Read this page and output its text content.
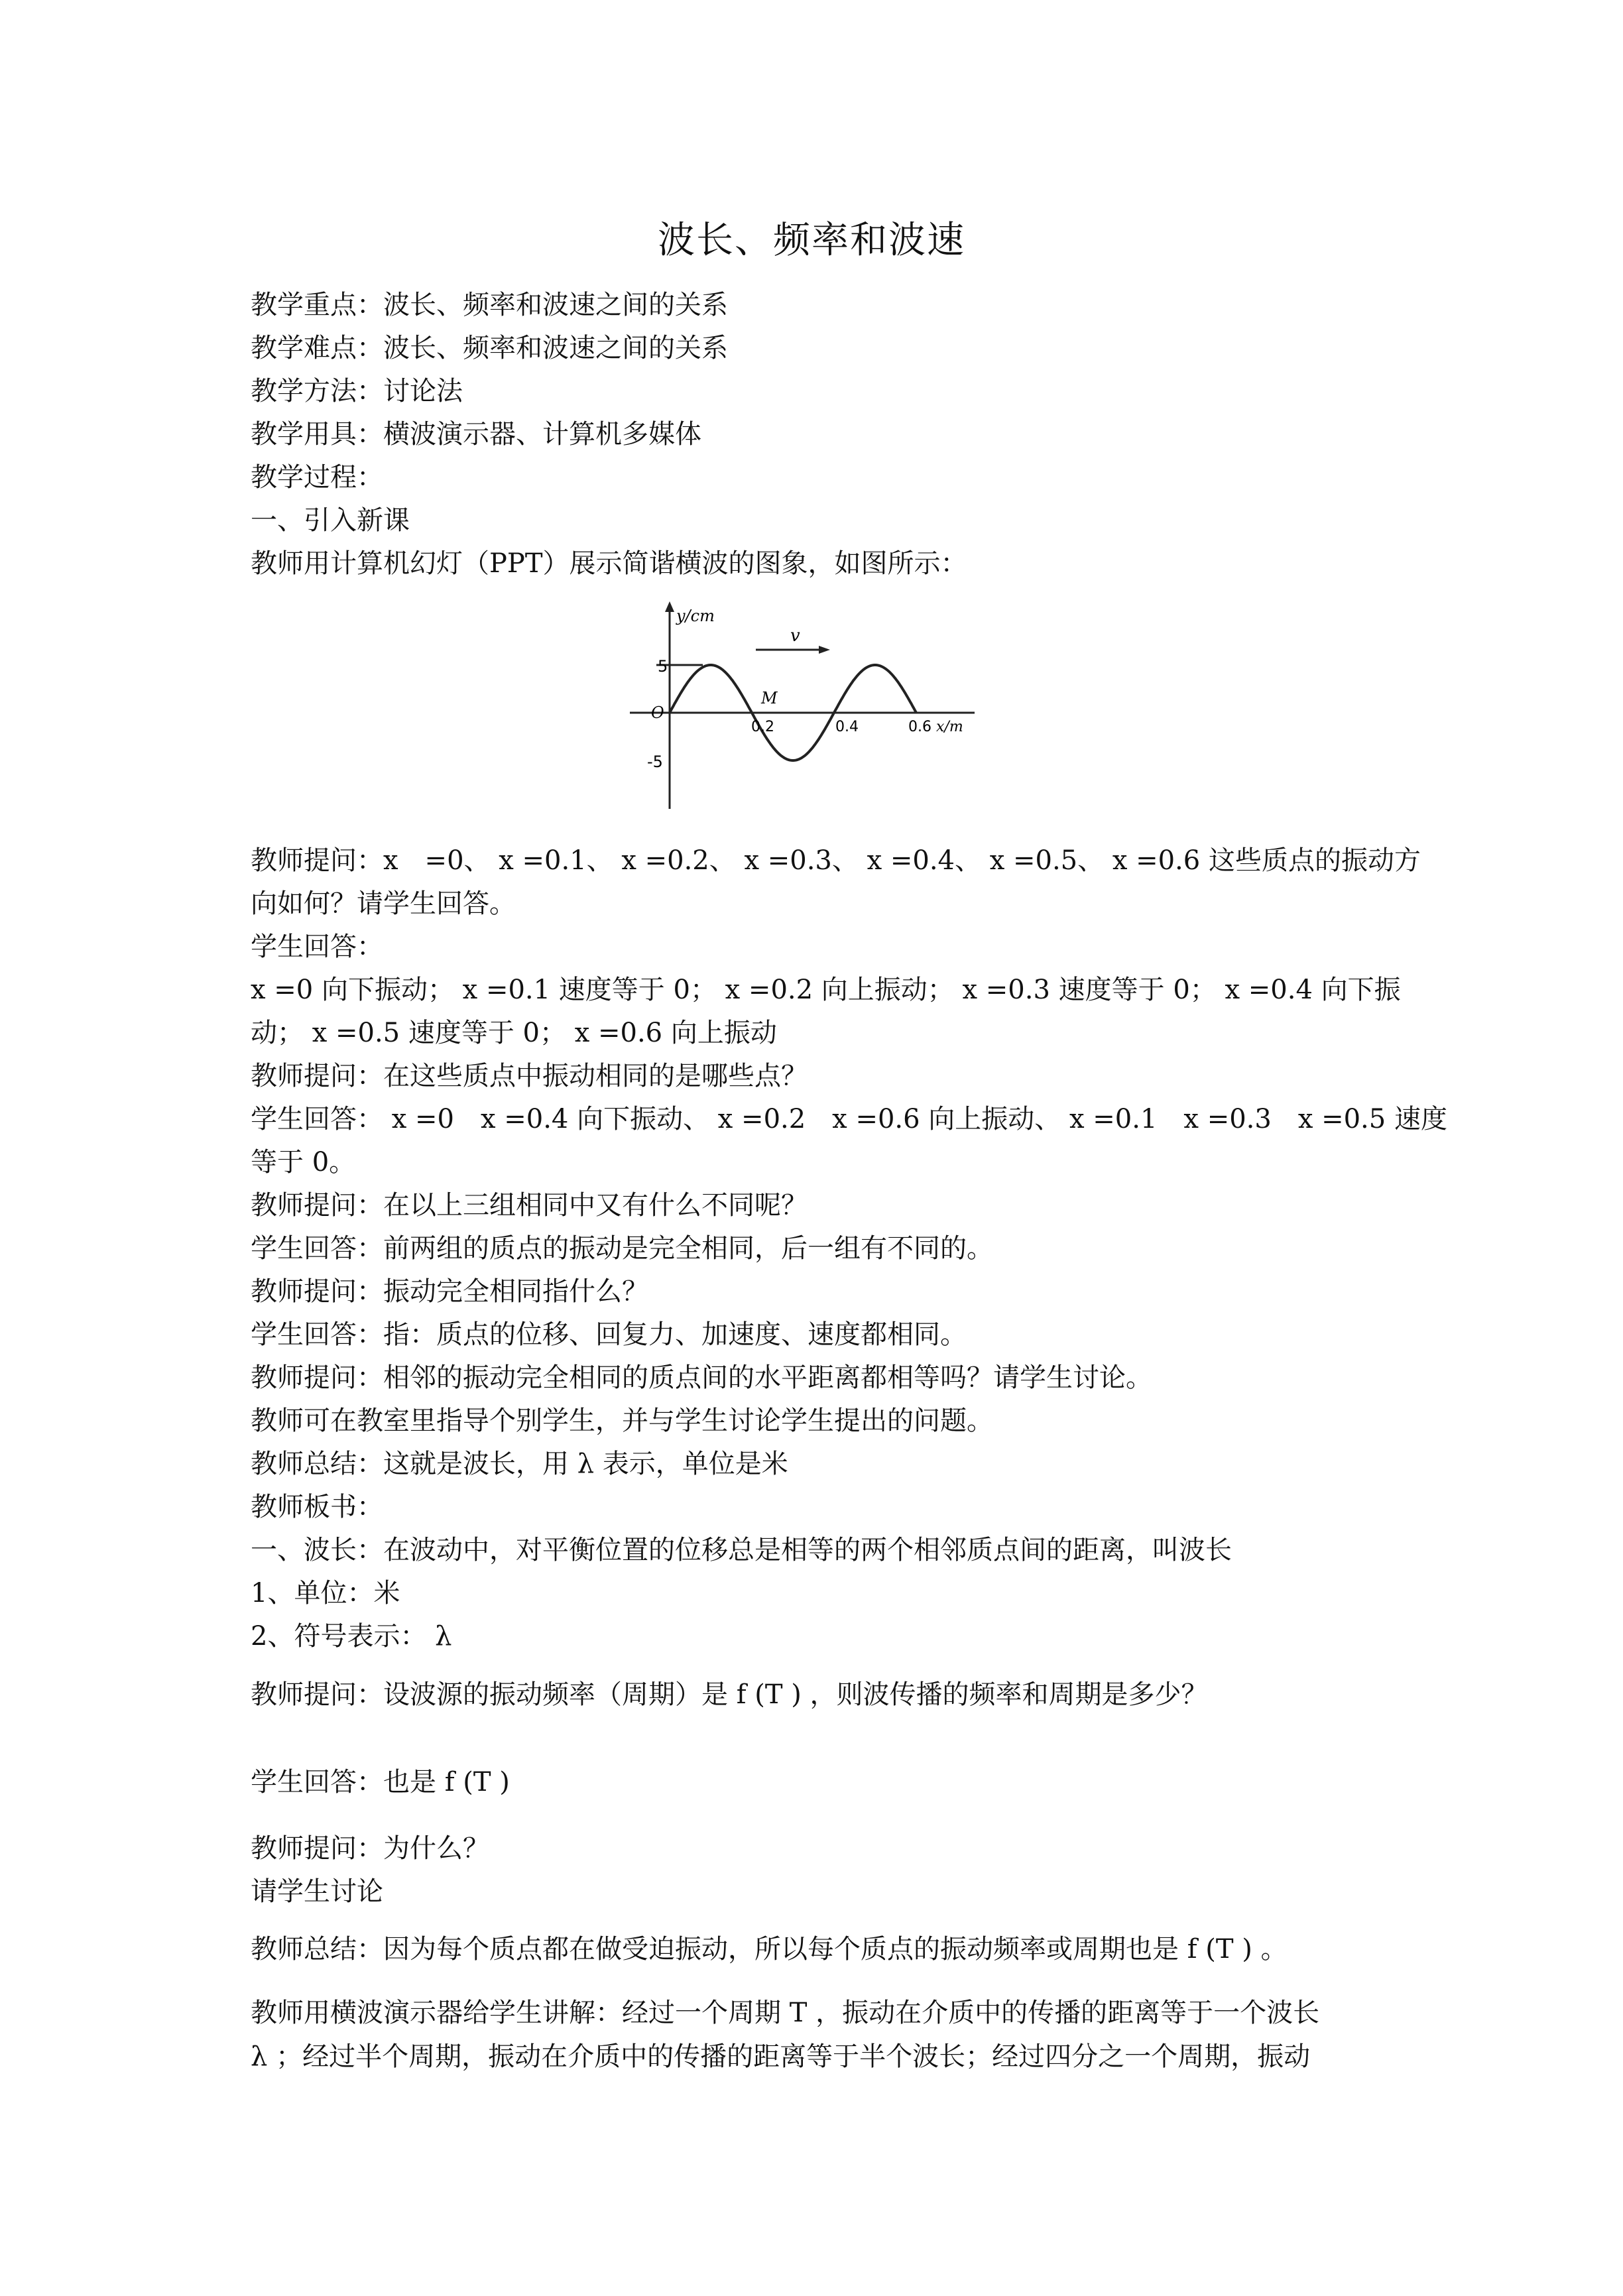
波长、频率和波速
教学重点：波长、频率和波速之间的关系
教学难点：波长、频率和波速之间的关系
教学方法：讨论法
教学用具：横波演示器、计算机多媒体
教学过程：
一、引入新课
教师用计算机幻灯（PPT）展示简谐横波的图象，如图所示：
y/cm
v
M
O
5
-5
0.2	0.4	0.6 x/m
教师提问：x　=0、 x =0.1、 x =0.2、 x =0.3、 x =0.4、 x =0.5、 x =0.6 这些质点的振动方
向如何？请学生回答。
学生回答：
x =0 向下振动； x =0.1 速度等于 0； x =0.2 向上振动； x =0.3 速度等于 0； x =0.4 向下振
动； x =0.5 速度等于 0； x =0.6 向上振动
教师提问：在这些质点中振动相同的是哪些点？
学生回答： x =0　x =0.4 向下振动、 x =0.2　x =0.6 向上振动、 x =0.1　x =0.3　x =0.5 速度
等于 0。
教师提问：在以上三组相同中又有什么不同呢？
学生回答：前两组的质点的振动是完全相同，后一组有不同的。
教师提问：振动完全相同指什么？
学生回答：指：质点的位移、回复力、加速度、速度都相同。
教师提问：相邻的振动完全相同的质点间的水平距离都相等吗？请学生讨论。
教师可在教室里指导个别学生，并与学生讨论学生提出的问题。
教师总结：这就是波长，用 λ 表示，单位是米
教师板书：
一、波长：在波动中，对平衡位置的位移总是相等的两个相邻质点间的距离，叫波长
1、单位：米
2、符号表示： λ
教师提问：设波源的振动频率（周期）是 f (T ) ，则波传播的频率和周期是多少？
学生回答：也是 f (T )
教师提问：为什么？
请学生讨论
教师总结：因为每个质点都在做受迫振动，所以每个质点的振动频率或周期也是 f (T ) 。
教师用横波演示器给学生讲解：经过一个周期 T ，振动在介质中的传播的距离等于一个波长
λ ；经过半个周期，振动在介质中的传播的距离等于半个波长；经过四分之一个周期，振动
